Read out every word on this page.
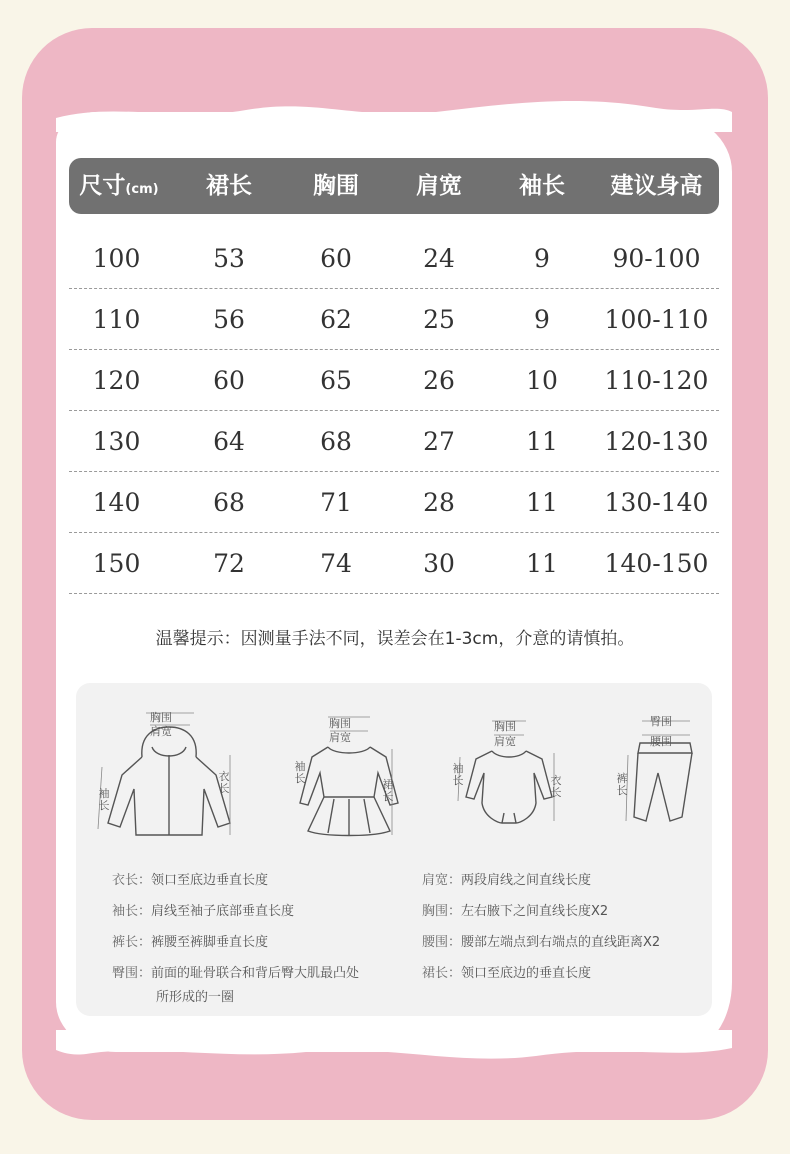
尺寸(cm)	裙长	胸围	肩宽	袖长	建议身高
100	53	60	24	9	90-100
110	56	62	25	9	100-110
120	60	65	26	10	110-120
130	64	68	27	11	120-130
140	68	71	28	11	130-140
150	72	74	30	11	140-150
温馨提示：因测量手法不同，误差会在1-3cm，介意的请慎拍。
胸围
肩宽
袖长
衣长
胸围
肩宽
袖长	裙长
胸围
肩宽
袖长	衣长
臀围
腰围
裤长
衣长：领口至底边垂直长度
袖长：肩线至袖子底部垂直长度
裤长：裤腰至裤脚垂直长度
臀围：前面的耻骨联合和背后臀大肌最凸处
所形成的一圈
肩宽：两段肩线之间直线长度
胸围：左右腋下之间直线长度X2
腰围：腰部左端点到右端点的直线距离X2
裙长：领口至底边的垂直长度
